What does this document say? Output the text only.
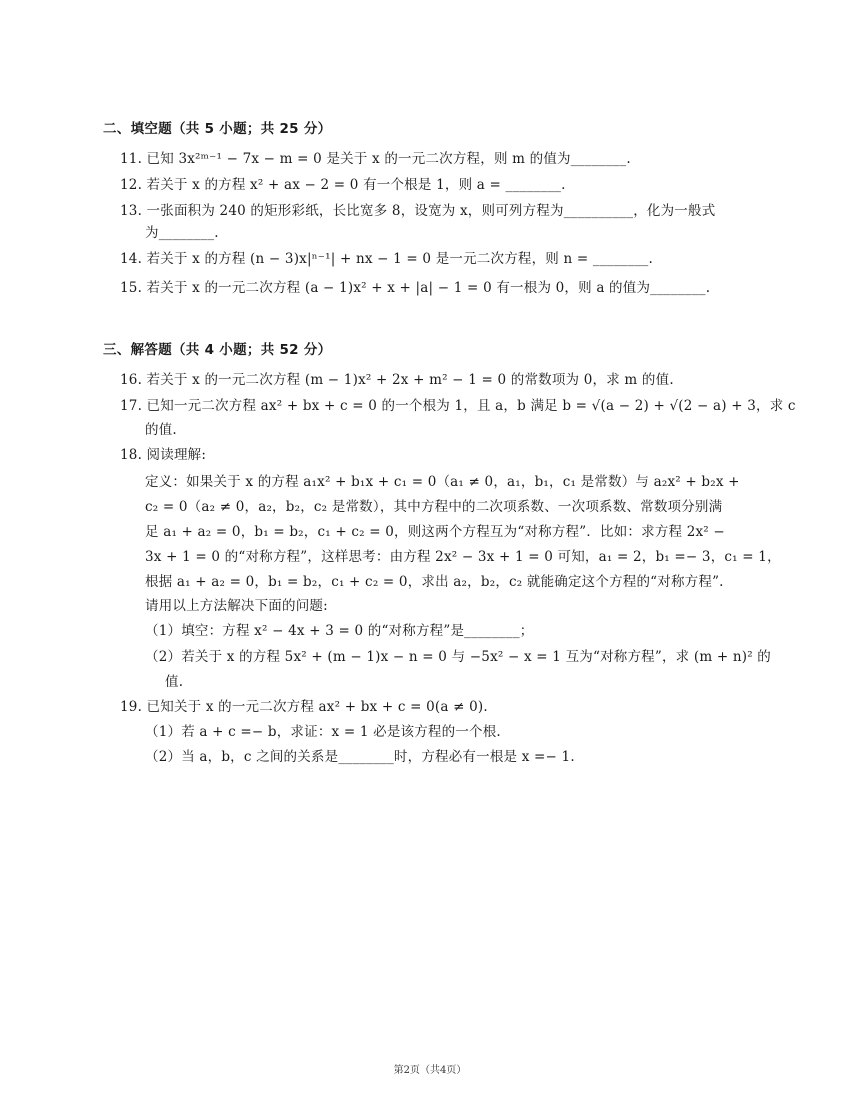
二、填空题（共 5 小题；共 25 分）
11. 已知 3x²ᵐ⁻¹ − 7x − m = 0 是关于 x 的一元二次方程，则 m 的值为________.
12. 若关于 x 的方程 x² + ax − 2 = 0 有一个根是 1，则 a = ________.
13. 一张面积为 240 的矩形彩纸，长比宽多 8，设宽为 x，则可列方程为__________，化为一般式
为________.
14. 若关于 x 的方程 (n − 3)x|ⁿ⁻¹| + nx − 1 = 0 是一元二次方程，则 n = ________.
15. 若关于 x 的一元二次方程 (a − 1)x² + x + |a| − 1 = 0 有一根为 0，则 a 的值为________.
三、解答题（共 4 小题；共 52 分）
16. 若关于 x 的一元二次方程 (m − 1)x² + 2x + m² − 1 = 0 的常数项为 0，求 m 的值.
17. 已知一元二次方程 ax² + bx + c = 0 的一个根为 1，且 a，b 满足 b = √(a − 2) + √(2 − a) + 3，求 c
的值.
18. 阅读理解:
定义：如果关于 x 的方程 a₁x² + b₁x + c₁ = 0（a₁ ≠ 0，a₁，b₁，c₁ 是常数）与 a₂x² + b₂x +
c₂ = 0（a₂ ≠ 0，a₂，b₂，c₂ 是常数），其中方程中的二次项系数、一次项系数、常数项分别满
足 a₁ + a₂ = 0，b₁ = b₂，c₁ + c₂ = 0，则这两个方程互为“对称方程”．比如：求方程 2x² −
3x + 1 = 0 的“对称方程”，这样思考：由方程 2x² − 3x + 1 = 0 可知，a₁ = 2，b₁ =− 3，c₁ = 1，
根据 a₁ + a₂ = 0，b₁ = b₂，c₁ + c₂ = 0，求出 a₂，b₂，c₂ 就能确定这个方程的“对称方程”.
请用以上方法解决下面的问题:
（1）填空：方程 x² − 4x + 3 = 0 的“对称方程”是________；
（2）若关于 x 的方程 5x² + (m − 1)x − n = 0 与 −5x² − x = 1 互为“对称方程”，求 (m + n)² 的
值.
19. 已知关于 x 的一元二次方程 ax² + bx + c = 0(a ≠ 0).
（1）若 a + c =− b，求证：x = 1 必是该方程的一个根.
（2）当 a，b，c 之间的关系是________时，方程必有一根是 x =− 1.
第2页（共4页）
